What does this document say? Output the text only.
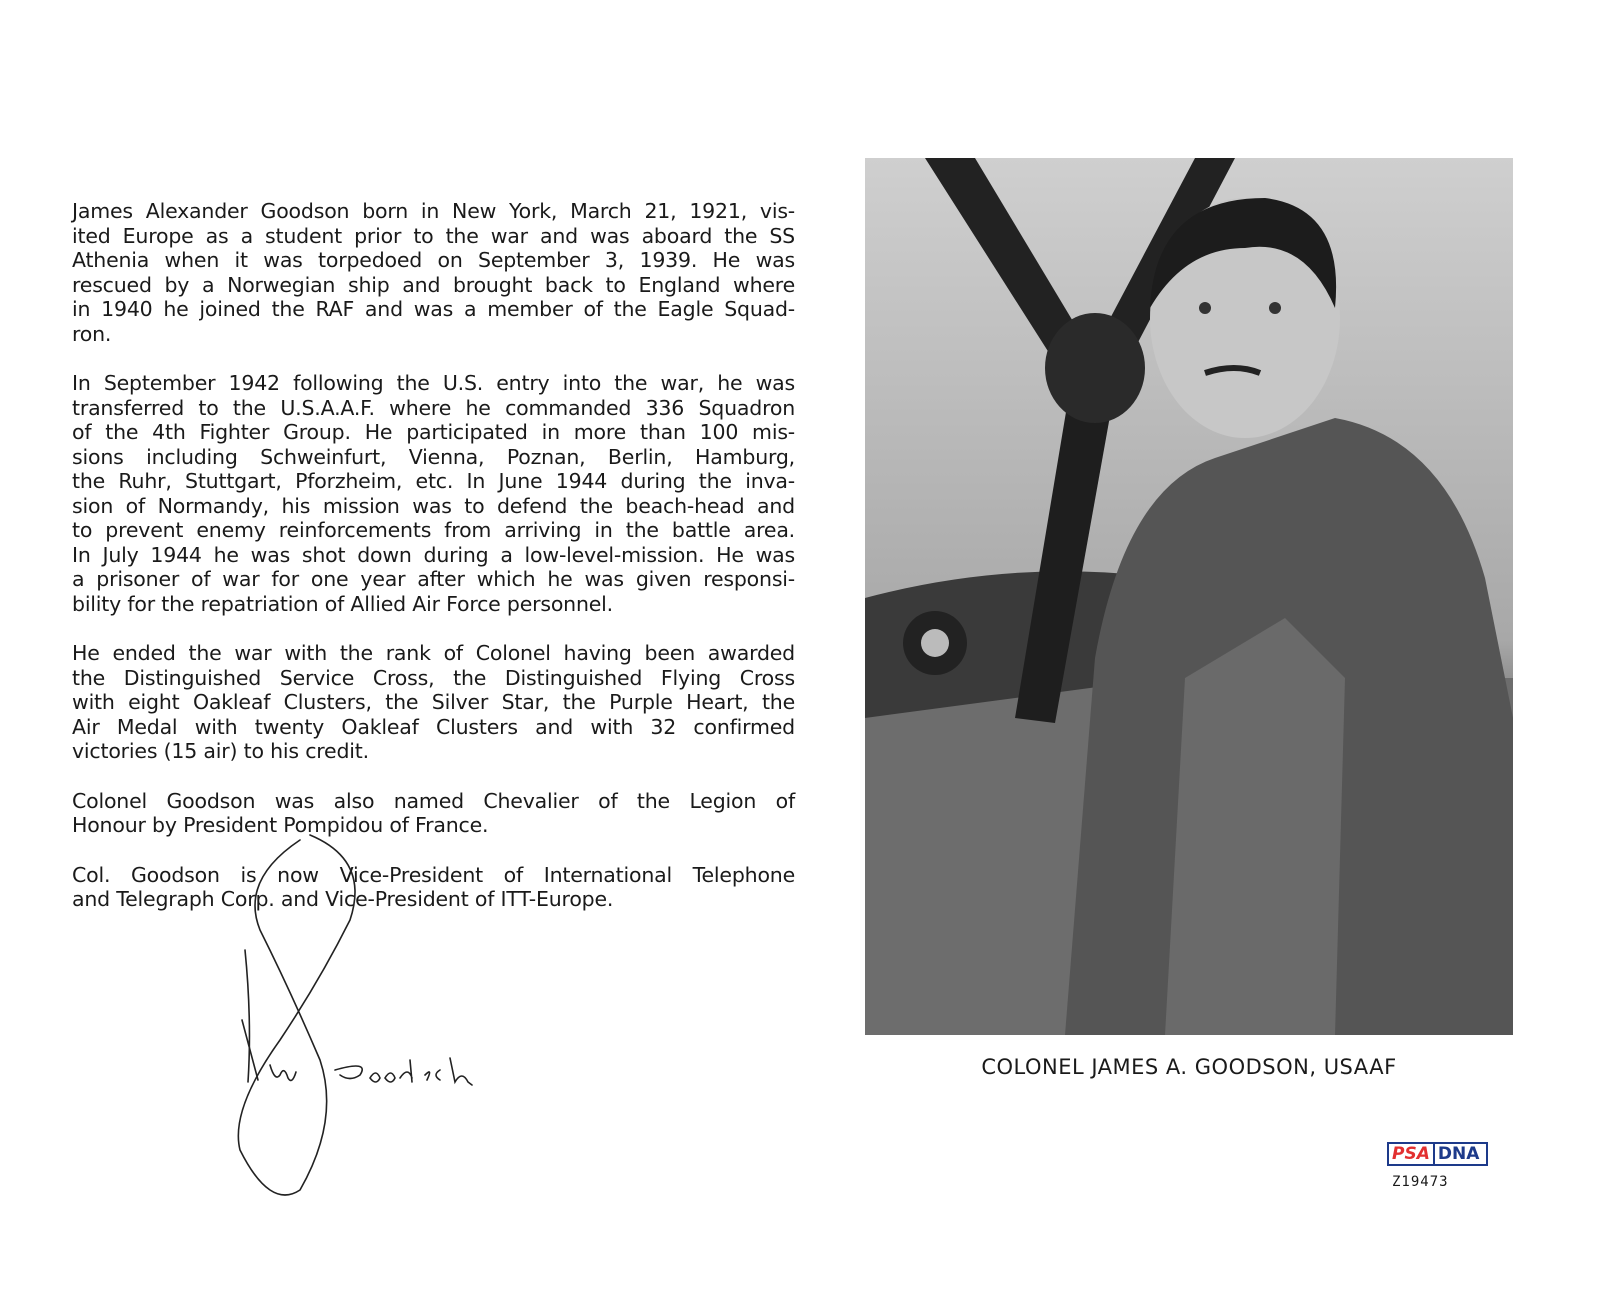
James Alexander Goodson born in New York, March 21, 1921, vis-
ited Europe as a student prior to the war and was aboard the SS
Athenia when it was torpedoed on September 3, 1939. He was
rescued by a Norwegian ship and brought back to England where
in 1940 he joined the RAF and was a member of the Eagle Squad-
ron.
In September 1942 following the U.S. entry into the war, he was
transferred to the U.S.A.A.F. where he commanded 336 Squadron
of the 4th Fighter Group. He participated in more than 100 mis-
sions including Schweinfurt, Vienna, Poznan, Berlin, Hamburg,
the Ruhr, Stuttgart, Pforzheim, etc. In June 1944 during the inva-
sion of Normandy, his mission was to defend the beach-head and
to prevent enemy reinforcements from arriving in the battle area.
In July 1944 he was shot down during a low-level-mission. He was
a prisoner of war for one year after which he was given responsi-
bility for the repatriation of Allied Air Force personnel.
He ended the war with the rank of Colonel having been awarded
the Distinguished Service Cross, the Distinguished Flying Cross
with eight Oakleaf Clusters, the Silver Star, the Purple Heart, the
Air Medal with twenty Oakleaf Clusters and with 32 confirmed
victories (15 air) to his credit.
Colonel Goodson was also named Chevalier of the Legion of
Honour by President Pompidou of France.
Col. Goodson is now Vice-President of International Telephone
and Telegraph Corp. and Vice-President of ITT-Europe.
COLONEL JAMES A. GOODSON, USAAF
PSA DNA
Z19473
